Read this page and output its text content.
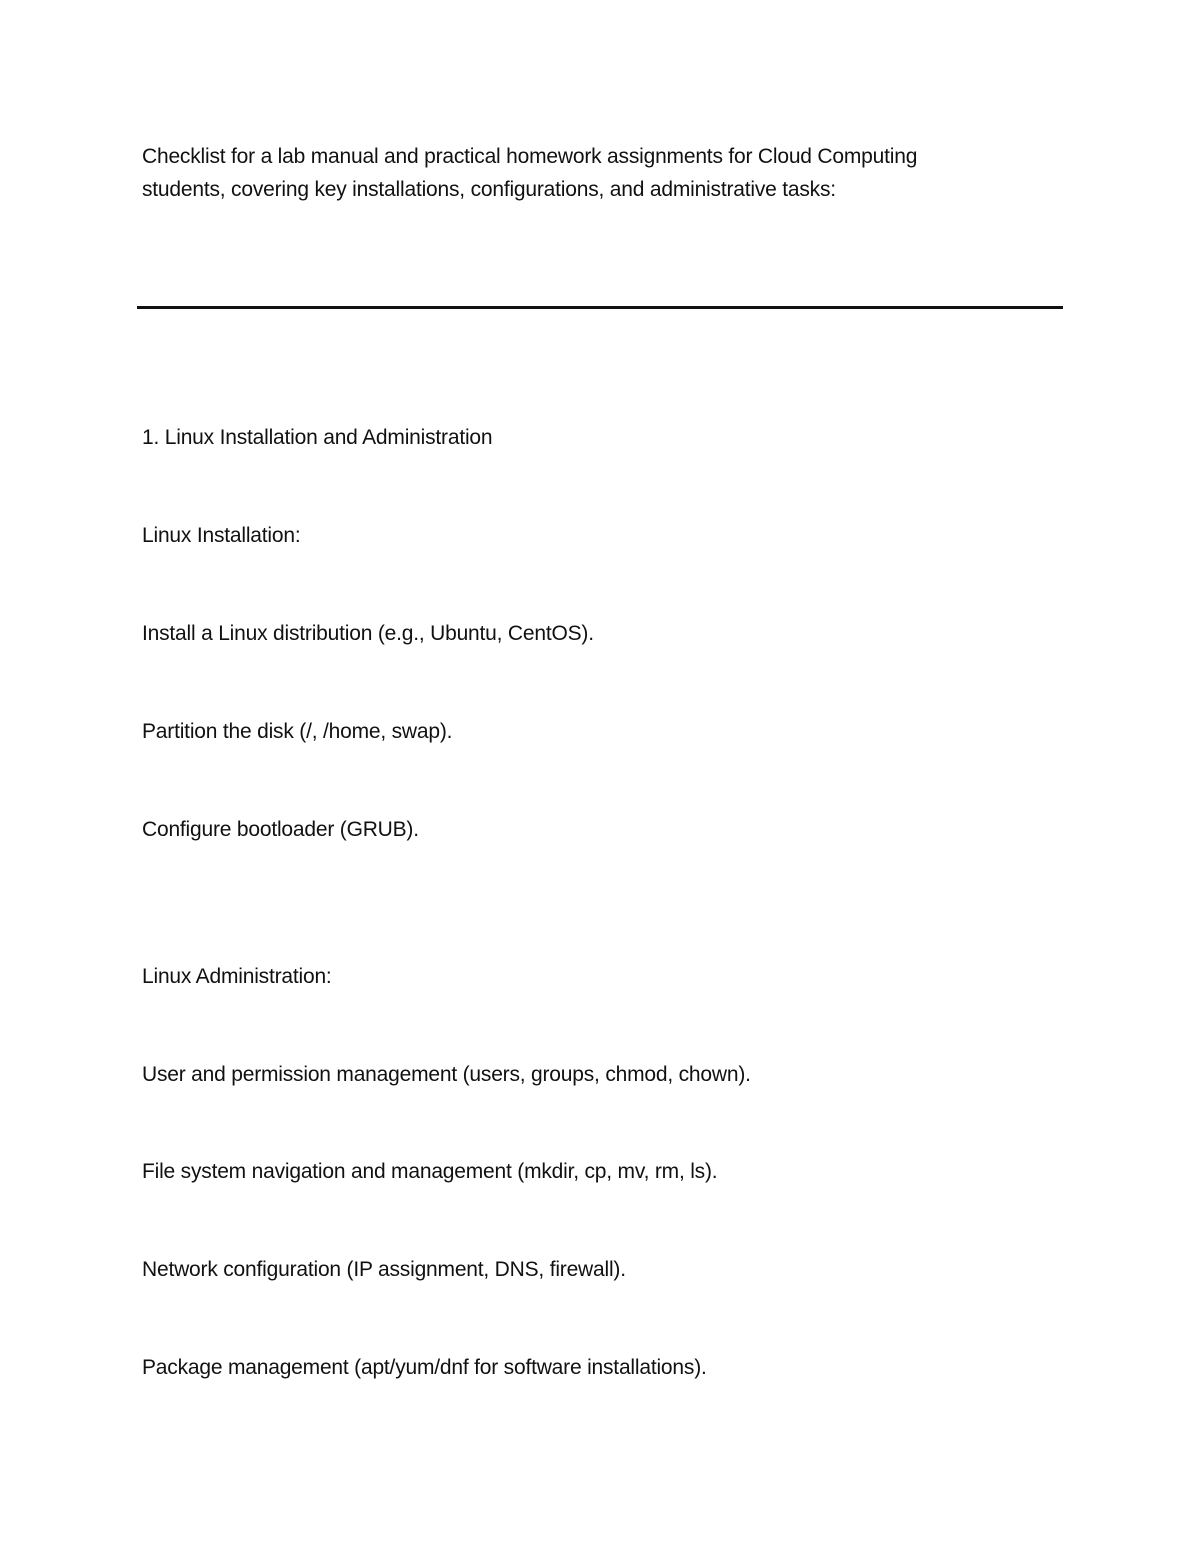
Checklist for a lab manual and practical homework assignments for Cloud Computing
students, covering key installations, configurations, and administrative tasks:
1. Linux Installation and Administration
Linux Installation:
Install a Linux distribution (e.g., Ubuntu, CentOS).
Partition the disk (/, /home, swap).
Configure bootloader (GRUB).
Linux Administration:
User and permission management (users, groups, chmod, chown).
File system navigation and management (mkdir, cp, mv, rm, ls).
Network configuration (IP assignment, DNS, firewall).
Package management (apt/yum/dnf for software installations).
